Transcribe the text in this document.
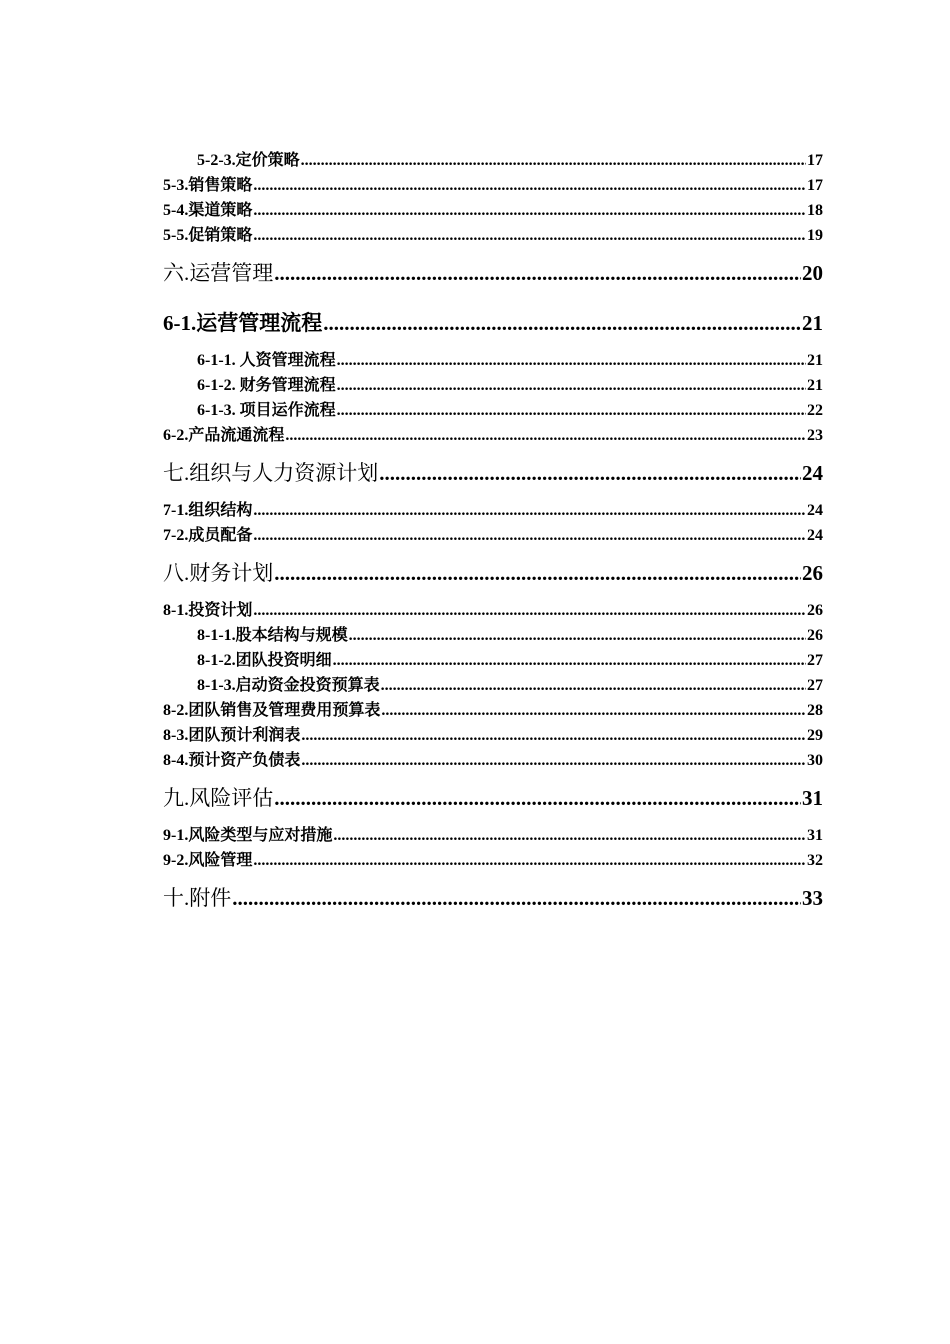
5-2-3.定价策略 .....	17
5-3.销售策略 .....	17
5-4.渠道策略 .....	18
5-5.促销策略 .....	19
六.运营管理 .....	20
6-1.运营管理流程 .....	21
6-1-1. 人资管理流程 .....	21
6-1-2. 财务管理流程 .....	21
6-1-3. 项目运作流程 .....	22
6-2.产品流通流程 .....	23
七.组织与人力资源计划 .....	24
7-1.组织结构 .....	24
7-2.成员配备 .....	24
八.财务计划 .....	26
8-1.投资计划 .....	26
8-1-1.股本结构与规模 .....	26
8-1-2.团队投资明细 .....	27
8-1-3.启动资金投资预算表 .....	27
8-2.团队销售及管理费用预算表 .....	28
8-3.团队预计利润表 .....	29
8-4.预计资产负债表 .....	30
九.风险评估 .....	31
9-1.风险类型与应对措施 .....	31
9-2.风险管理 .....	32
十.附件 .....	33
